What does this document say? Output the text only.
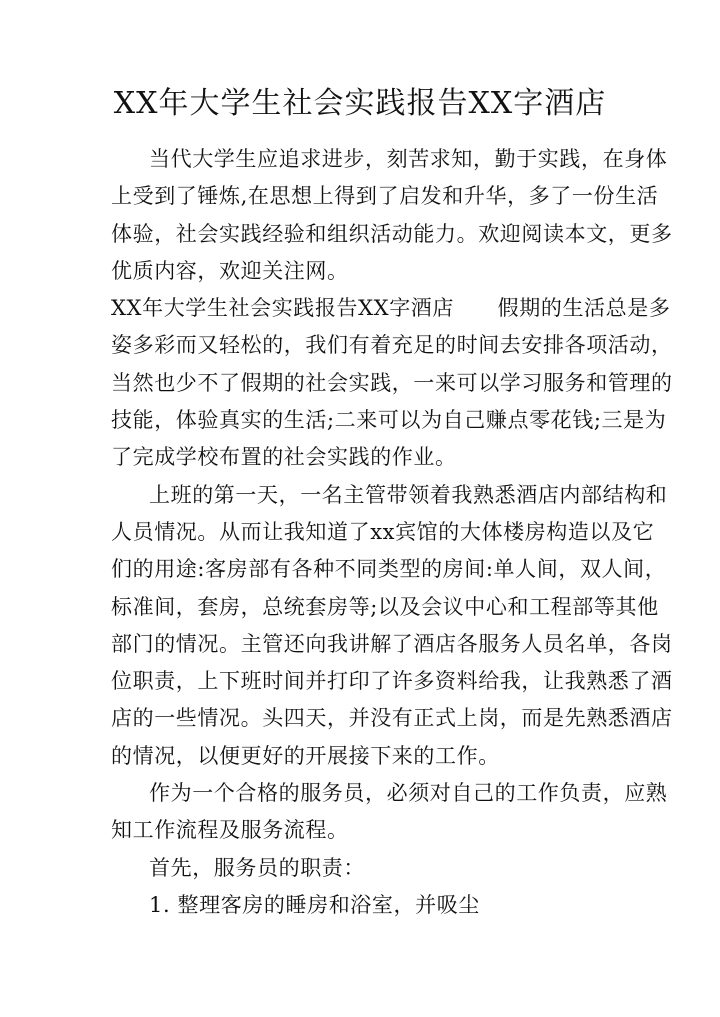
XX年大学生社会实践报告XX字酒店
当代大学生应追求进步，刻苦求知，勤于实践，在身体
上受到了锤炼,在思想上得到了启发和升华，多了一份生活
体验，社会实践经验和组织活动能力。欢迎阅读本文，更多
优质内容，欢迎关注网。
XX年大学生社会实践报告XX字酒店      假期的生活总是多
姿多彩而又轻松的，我们有着充足的时间去安排各项活动，
当然也少不了假期的社会实践，一来可以学习服务和管理的
技能，体验真实的生活;二来可以为自己赚点零花钱;三是为
了完成学校布置的社会实践的作业。
上班的第一天，一名主管带领着我熟悉酒店内部结构和
人员情况。从而让我知道了xx宾馆的大体楼房构造以及它
们的用途:客房部有各种不同类型的房间:单人间，双人间，
标准间，套房，总统套房等;以及会议中心和工程部等其他
部门的情况。主管还向我讲解了酒店各服务人员名单，各岗
位职责，上下班时间并打印了许多资料给我，让我熟悉了酒
店的一些情况。头四天，并没有正式上岗，而是先熟悉酒店
的情况，以便更好的开展接下来的工作。
作为一个合格的服务员，必须对自己的工作负责，应熟
知工作流程及服务流程。
首先，服务员的职责：
1. 整理客房的睡房和浴室，并吸尘
